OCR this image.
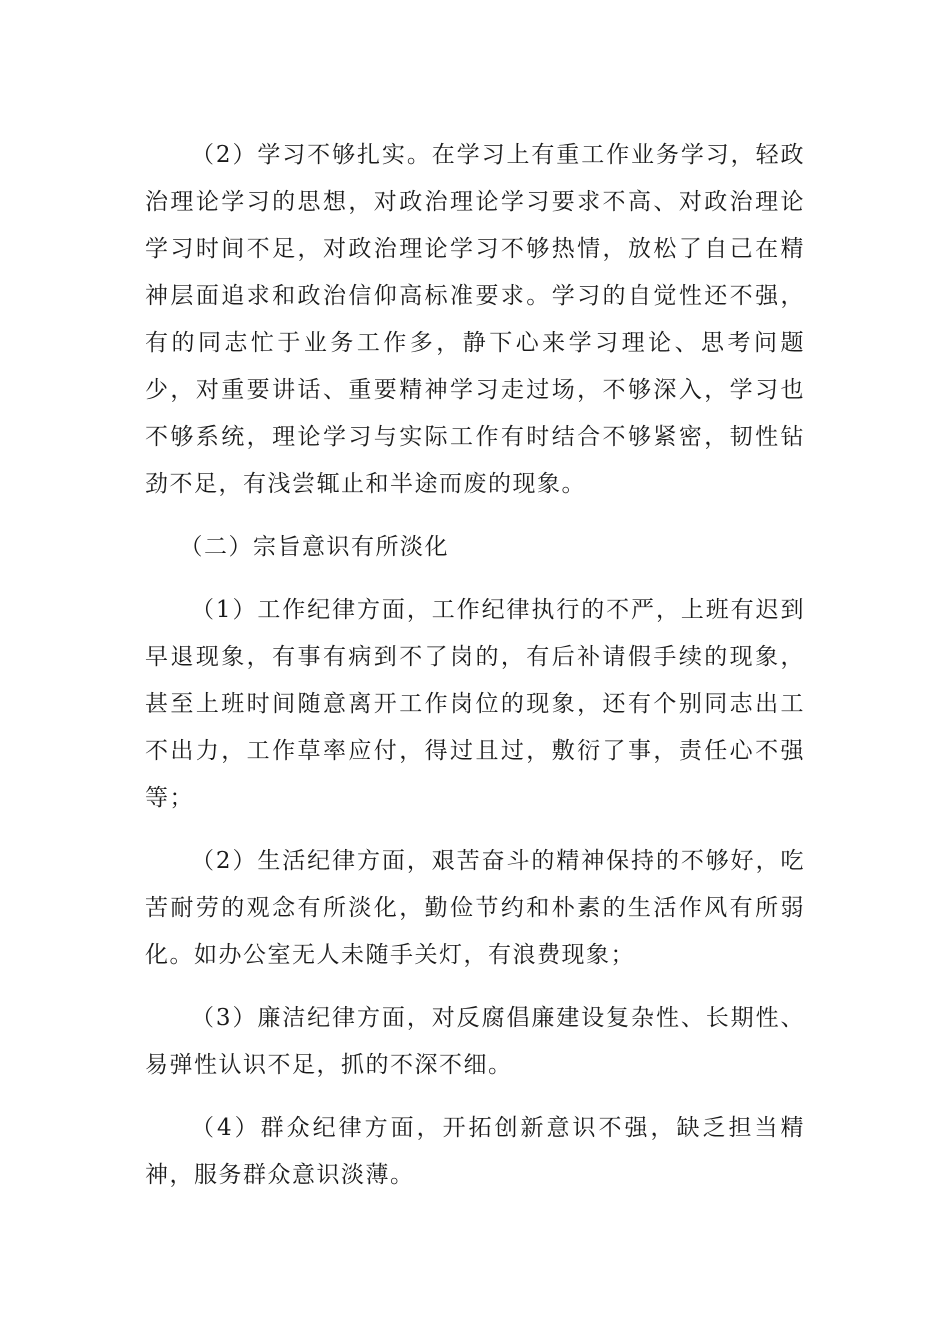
（2）学习不够扎实。在学习上有重工作业务学习，轻政治理论学习的思想，对政治理论学习要求不高、对政治理论学习时间不足，对政治理论学习不够热情，放松了自己在精神层面追求和政治信仰高标准要求。学习的自觉性还不强，有的同志忙于业务工作多，静下心来学习理论、思考问题少，对重要讲话、重要精神学习走过场，不够深入，学习也不够系统，理论学习与实际工作有时结合不够紧密，韧性钻劲不足，有浅尝辄止和半途而废的现象。

（二）宗旨意识有所淡化

（1）工作纪律方面，工作纪律执行的不严，上班有迟到早退现象，有事有病到不了岗的，有后补请假手续的现象，甚至上班时间随意离开工作岗位的现象，还有个别同志出工不出力，工作草率应付，得过且过，敷衍了事，责任心不强等；

（2）生活纪律方面，艰苦奋斗的精神保持的不够好，吃苦耐劳的观念有所淡化，勤俭节约和朴素的生活作风有所弱化。如办公室无人未随手关灯，有浪费现象；

（3）廉洁纪律方面，对反腐倡廉建设复杂性、长期性、易弹性认识不足，抓的不深不细。

（4）群众纪律方面，开拓创新意识不强，缺乏担当精神，服务群众意识淡薄。
